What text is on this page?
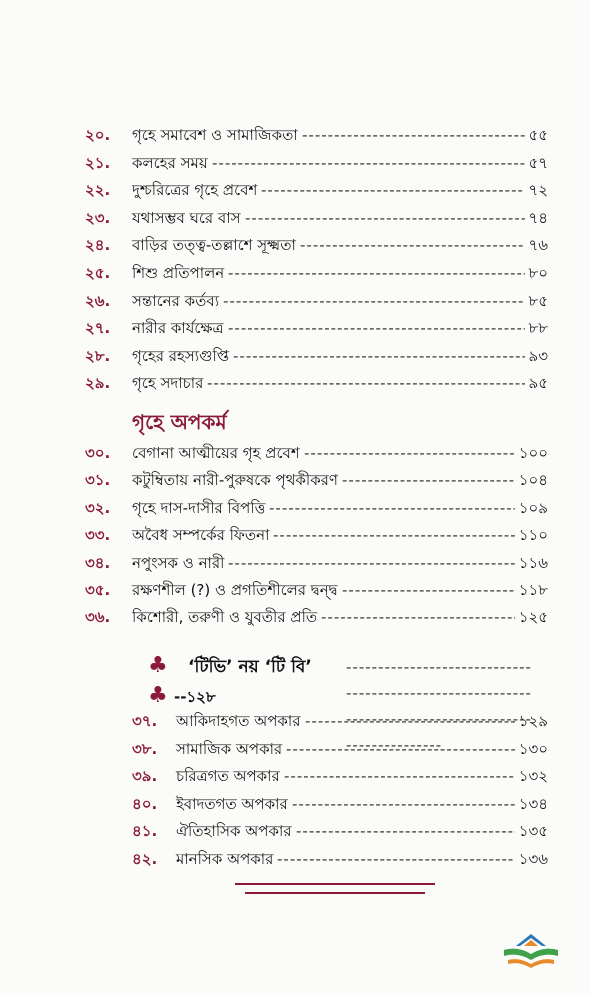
২০. গৃহে সমাবেশ ও সামাজিকতা -----	৫৫
২১. কলহের সময় -----	৫৭
২২. দুশ্চরিত্রের গৃহে প্রবেশ -----	৭২
২৩. যথাসম্ভব ঘরে বাস -----	৭৪
২৪. বাড়ির তত্ত্ব-তল্লাশে সূক্ষ্মতা -----	৭৬
২৫. শিশু প্রতিপালন -----	৮০
২৬. সন্তানের কর্তব্য -----	৮৫
২৭. নারীর কার্যক্ষেত্র -----	৮৮
২৮. গৃহের রহস্যগুপ্তি -----	৯৩
২৯. গৃহে সদাচার -----	৯৫
৩০. বেগানা আত্মীয়ের গৃহ প্রবেশ -----	১০০
৩১. কটুম্বিতায় নারী-পুরুষকে পৃথকীকরণ -----	১০৪
৩২. গৃহে দাস-দাসীর বিপত্তি -----	১০৯
৩৩. অবৈধ সম্পর্কের ফিতনা -----	১১০
৩৪. নপুংসক ও নারী -----	১১৬
৩৫. রক্ষণশীল (?) ও প্রগতিশীলের দ্বন্দ্ব -----	১১৮
৩৬. কিশোরী, তরুণী ও যুবতীর প্রতি -----	১২৫
৩৭. আকিদাহগত অপকার -----	১২৯
৩৮. সামাজিক অপকার -----	১৩০
৩৯. চরিত্রগত অপকার -----	১৩২
৪০. ইবাদতগত অপকার -----	১৩৪
৪১. ঐতিহাসিক অপকার -----	১৩৫
৪২. মানসিক অপকার -----	১৩৬
গৃহে অপকর্ম
♣ ‘টিভি’ নয় ‘টি বি’
-----
♣ --১২৮
